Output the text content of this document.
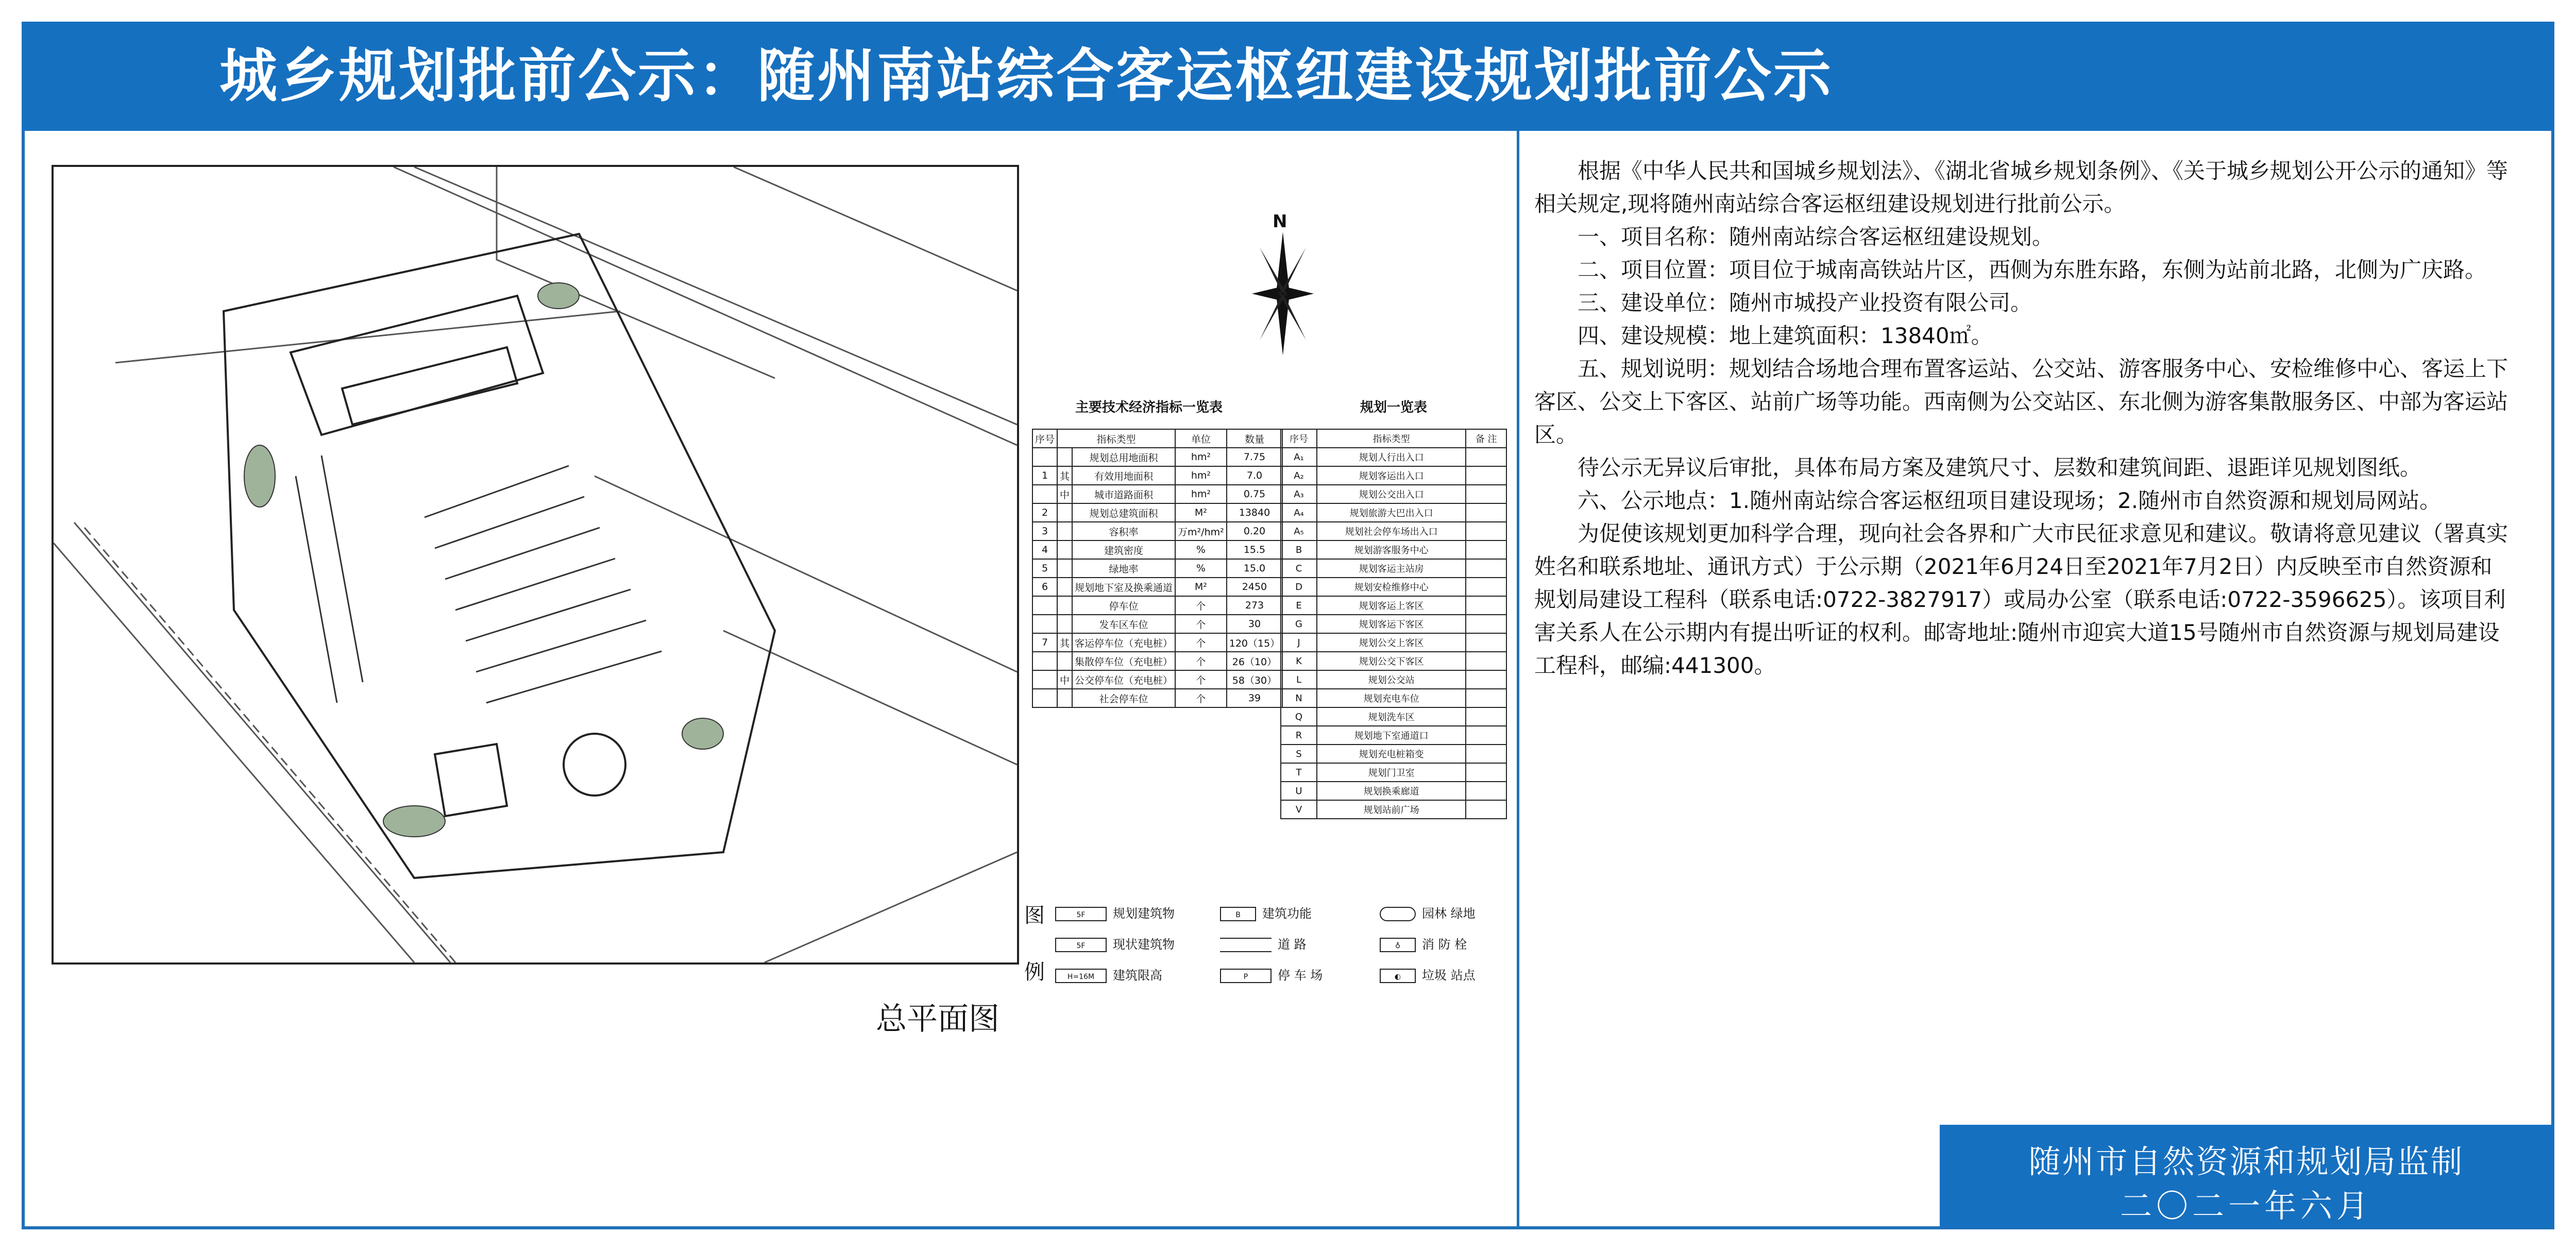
城乡规划批前公示：随州南站综合客运枢纽建设规划批前公示
总平面图
N
主要技术经济指标一览表
序号	指标类型		单位	数量
		规划总用地面积	hm²	7.75
1	其	有效用地面积	hm²	7.0
	中	城市道路面积	hm²	0.75
2		规划总建筑面积	M²	13840
3		容积率	万m²/hm²	0.20
4		建筑密度	%	15.5
5		绿地率	%	15.0
6		规划地下室及换乘通道	M²	2450
		停车位	个	273
		发车区车位	个	30
7	其	客运停车位（充电桩）	个	120（15）
		集散停车位（充电桩）	个	26（10）
	中	公交停车位（充电桩）	个	58（30）
		社会停车位	个	39
规划一览表
序号	指标类型	备 注
A₁	规划人行出入口	
A₂	规划客运出入口	
A₃	规划公交出入口	
A₄	规划旅游大巴出入口	
A₅	规划社会停车场出入口	
B	规划游客服务中心	
C	规划客运主站房	
D	规划安检维修中心	
E	规划客运上客区	
G	规划客运下客区	
J	规划公交上客区	
K	规划公交下客区	
L	规划公交站	
N	规划充电车位	
Q	规划洗车区	
R	规划地下室通道口	
S	规划充电桩箱变	
T	规划门卫室	
U	规划换乘廊道	
V	规划站前广场	
图
例
5F 规划建筑物	B 建筑功能	园林 绿地
5F 现状建筑物	道 路	♁ 消 防 栓
H=16M 建筑限高	P 停 车 场	◐ 垃圾 站点

根据《中华人民共和国城乡规划法》、《湖北省城乡规划条例》、《关于城乡规划公开公示的通知》等相关规定,现将随州南站综合客运枢纽建设规划进行批前公示。

一、项目名称：随州南站综合客运枢纽建设规划。

二、项目位置：项目位于城南高铁站片区，西侧为东胜东路，东侧为站前北路，北侧为广庆路。

三、建设单位：随州市城投产业投资有限公司。

四、建设规模：地上建筑面积：13840㎡。

五、规划说明：规划结合场地合理布置客运站、公交站、游客服务中心、安检维修中心、客运上下客区、公交上下客区、站前广场等功能。西南侧为公交站区、东北侧为游客集散服务区、中部为客运站区。

待公示无异议后审批，具体布局方案及建筑尺寸、层数和建筑间距、退距详见规划图纸。

六、公示地点：1.随州南站综合客运枢纽项目建设现场；2.随州市自然资源和规划局网站。

为促使该规划更加科学合理，现向社会各界和广大市民征求意见和建议。敬请将意见建议（署真实姓名和联系地址、通讯方式）于公示期（2021年6月24日至2021年7月2日）内反映至市自然资源和规划局建设工程科（联系电话:0722-3827917）或局办公室（联系电话:0722-3596625）。该项目利害关系人在公示期内有提出听证的权利。邮寄地址:随州市迎宾大道15号随州市自然资源与规划局建设工程科，邮编:441300。

随州市自然资源和规划局监制
二〇二一年六月
